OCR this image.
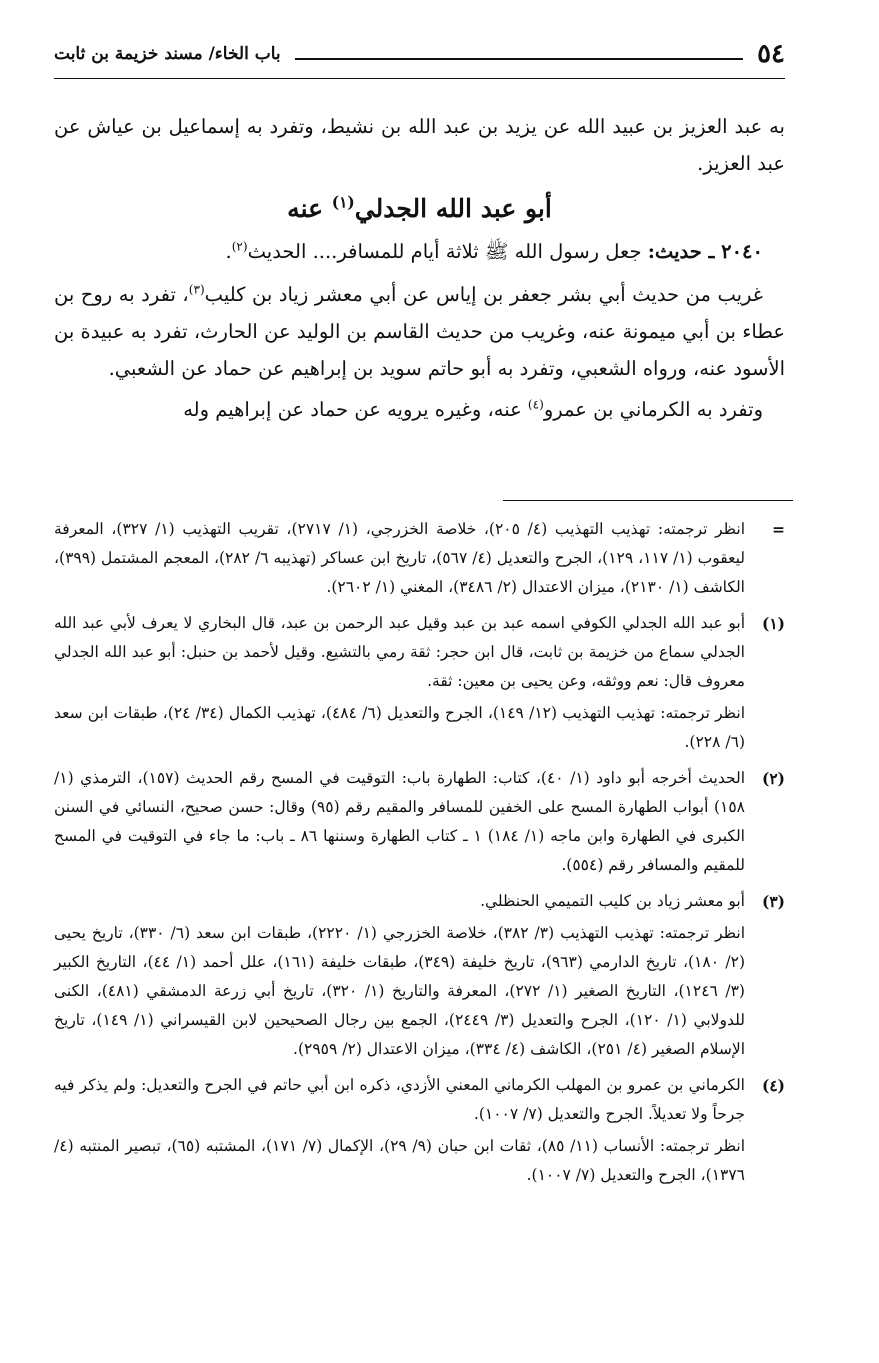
٥٤
باب الخاء/ مسند خزيمة بن ثابت

به عبد العزيز بن عبيد الله عن يزيد بن عبد الله بن نشيط، وتفرد به إسماعيل بن عياش عن عبد العزيز.

أبو عبد الله الجدلي$^{(١)}$ عنه

٢٠٤٠ ـ حديث: جعل رسول الله ﷺ ثلاثة أيام للمسافر.... الحديث$^{(٢)}$.

غريب من حديث أبي بشر جعفر بن إياس عن أبي معشر زياد بن كليب$^{(٣)}$، تفرد به روح بن عطاء بن أبي ميمونة عنه، وغريب من حديث القاسم بن الوليد عن الحارث، تفرد به عبيدة بن الأسود عنه، ورواه الشعبي، وتفرد به أبو حاتم سويد بن إبراهيم عن حماد عن الشعبي.

وتفرد به الكرماني بن عمرو$^{(٤)}$ عنه، وغيره يرويه عن حماد عن إبراهيم وله

=

انظر ترجمته: تهذيب التهذيب (٤/ ٢٠٥)، خلاصة الخزرجي، (١/ ٢٧١٧)، تقريب التهذيب (١/ ٣٢٧)، المعرفة ليعقوب (١/ ١١٧، ١٢٩)، الجرح والتعديل (٤/ ٥٦٧)، تاريخ ابن عساكر (تهذيبه ٦/ ٢٨٢)، المعجم المشتمل (٣٩٩)، الكاشف (١/ ٢١٣٠)، ميزان الاعتدال (٢/ ٣٤٨٦)، المغني (١/ ٢٦٠٢).

(١)

أبو عبد الله الجدلي الكوفي اسمه عبد بن عبد وقيل عبد الرحمن بن عبد، قال البخاري لا يعرف لأبي عبد الله الجدلي سماع من خزيمة بن ثابت، قال ابن حجر: ثقة رمي بالتشيع. وقيل لأحمد بن حنبل: أبو عبد الله الجدلي معروف قال: نعم ووثقه، وعن يحيى بن معين: ثقة.

انظر ترجمته: تهذيب التهذيب (١٢/ ١٤٩)، الجرح والتعديل (٦/ ٤٨٤)، تهذيب الكمال (٣٤/ ٢٤)، طبقات ابن سعد (٦/ ٢٢٨).

(٢)

الحديث أخرجه أبو داود (١/ ٤٠)، كتاب: الطهارة باب: التوقيت في المسح رقم الحديث (١٥٧)، الترمذي (١/ ١٥٨) أبواب الطهارة المسح على الخفين للمسافر والمقيم رقم (٩٥) وقال: حسن صحيح، النسائي في السنن الكبرى في الطهارة وابن ماجه (١/ ١٨٤) ١ ـ كتاب الطهارة وسننها ٨٦ ـ باب: ما جاء في التوقيت في المسح للمقيم والمسافر رقم (٥٥٤).

(٣)

أبو معشر زياد بن كليب التميمي الحنظلي.

انظر ترجمته: تهذيب التهذيب (٣/ ٣٨٢)، خلاصة الخزرجي (١/ ٢٢٢٠)، طبقات ابن سعد (٦/ ٣٣٠)، تاريخ يحيى (٢/ ١٨٠)، تاريخ الدارمي (٩٦٣)، تاريخ خليفة (٣٤٩)، طبقات خليفة (١٦١)، علل أحمد (١/ ٤٤)، التاريخ الكبير (٣/ ١٢٤٦)، التاريخ الصغير (١/ ٢٧٢)، المعرفة والتاريخ (١/ ٣٢٠)، تاريخ أبي زرعة الدمشقي (٤٨١)، الكنى للدولابي (١/ ١٢٠)، الجرح والتعديل (٣/ ٢٤٤٩)، الجمع بين رجال الصحيحين لابن القيسراني (١/ ١٤٩)، تاريخ الإسلام الصغير (٤/ ٢٥١)، الكاشف (٤/ ٣٣٤)، ميزان الاعتدال (٢/ ٢٩٥٩).

(٤)

الكرماني بن عمرو بن المهلب الكرماني المعني الأزدي، ذكره ابن أبي حاتم في الجرح والتعديل: ولم يذكر فيه جرحاً ولا تعديلاً. الجرح والتعديل (٧/ ١٠٠٧).

انظر ترجمته: الأنساب (١١/ ٨٥)، ثقات ابن حبان (٩/ ٢٩)، الإكمال (٧/ ١٧١)، المشتبه (٦٥)، تبصير المنتبه (٤/ ١٣٧٦)، الجرح والتعديل (٧/ ١٠٠٧).
